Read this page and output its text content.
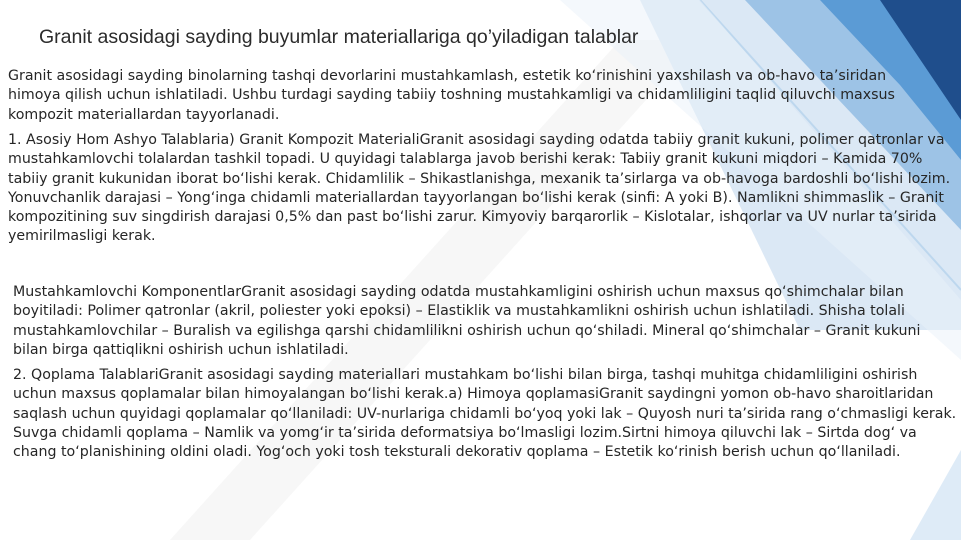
Granit asosidagi sayding buyumlar materiallariga qo’yiladigan talablar

Granit asosidagi sayding binolarning tashqi devorlarini mustahkamlash, estetik ko‘rinishini yaxshilash va ob-havo ta’siridan himoya qilish uchun ishlatiladi. Ushbu turdagi sayding tabiiy toshning mustahkamligi va chidamliligini taqlid qiluvchi maxsus kompozit materiallardan tayyorlanadi.

1. Asosiy Hom Ashyo Talablaria) Granit Kompozit MaterialiGranit asosidagi sayding odatda tabiiy granit kukuni, polimer qatronlar va mustahkamlovchi tolalardan tashkil topadi. U quyidagi talablarga javob berishi kerak: Tabiiy granit kukuni miqdori – Kamida 70% tabiiy granit kukunidan iborat bo‘lishi kerak. Chidamlilik – Shikastlanishga, mexanik ta’sirlarga va ob-havoga bardoshli bo‘lishi lozim. Yonuvchanlik darajasi – Yong‘inga chidamli materiallardan tayyorlangan bo‘lishi kerak (sinfi: A yoki B). Namlikni shimmaslik – Granit kompozitining suv singdirish darajasi 0,5% dan past bo‘lishi zarur. Kimyoviy barqarorlik – Kislotalar, ishqorlar va UV nurlar ta’sirida yemirilmasligi kerak.

Mustahkamlovchi KomponentlarGranit asosidagi sayding odatda mustahkamligini oshirish uchun maxsus qo‘shimchalar bilan boyitiladi: Polimer qatronlar (akril, poliester yoki epoksi) – Elastiklik va mustahkamlikni oshirish uchun ishlatiladi. Shisha tolali mustahkamlovchilar – Buralish va egilishga qarshi chidamlilikni oshirish uchun qo‘shiladi. Mineral qo‘shimchalar – Granit kukuni bilan birga qattiqlikni oshirish uchun ishlatiladi.

2. Qoplama TalablariGranit asosidagi sayding materiallari mustahkam bo‘lishi bilan birga, tashqi muhitga chidamliligini oshirish uchun maxsus qoplamalar bilan himoyalangan bo‘lishi kerak.a) Himoya qoplamasiGranit saydingni yomon ob-havo sharoitlaridan saqlash uchun quyidagi qoplamalar qo‘llaniladi: UV-nurlariga chidamli bo‘yoq yoki lak – Quyosh nuri ta’sirida rang o‘chmasligi kerak. Suvga chidamli qoplama – Namlik va yomg‘ir ta’sirida deformatsiya bo‘lmasligi lozim.Sirtni himoya qiluvchi lak – Sirtda dog‘ va chang to‘planishining oldini oladi. Yog‘och yoki tosh teksturali dekorativ qoplama – Estetik ko‘rinish berish uchun qo‘llaniladi.
